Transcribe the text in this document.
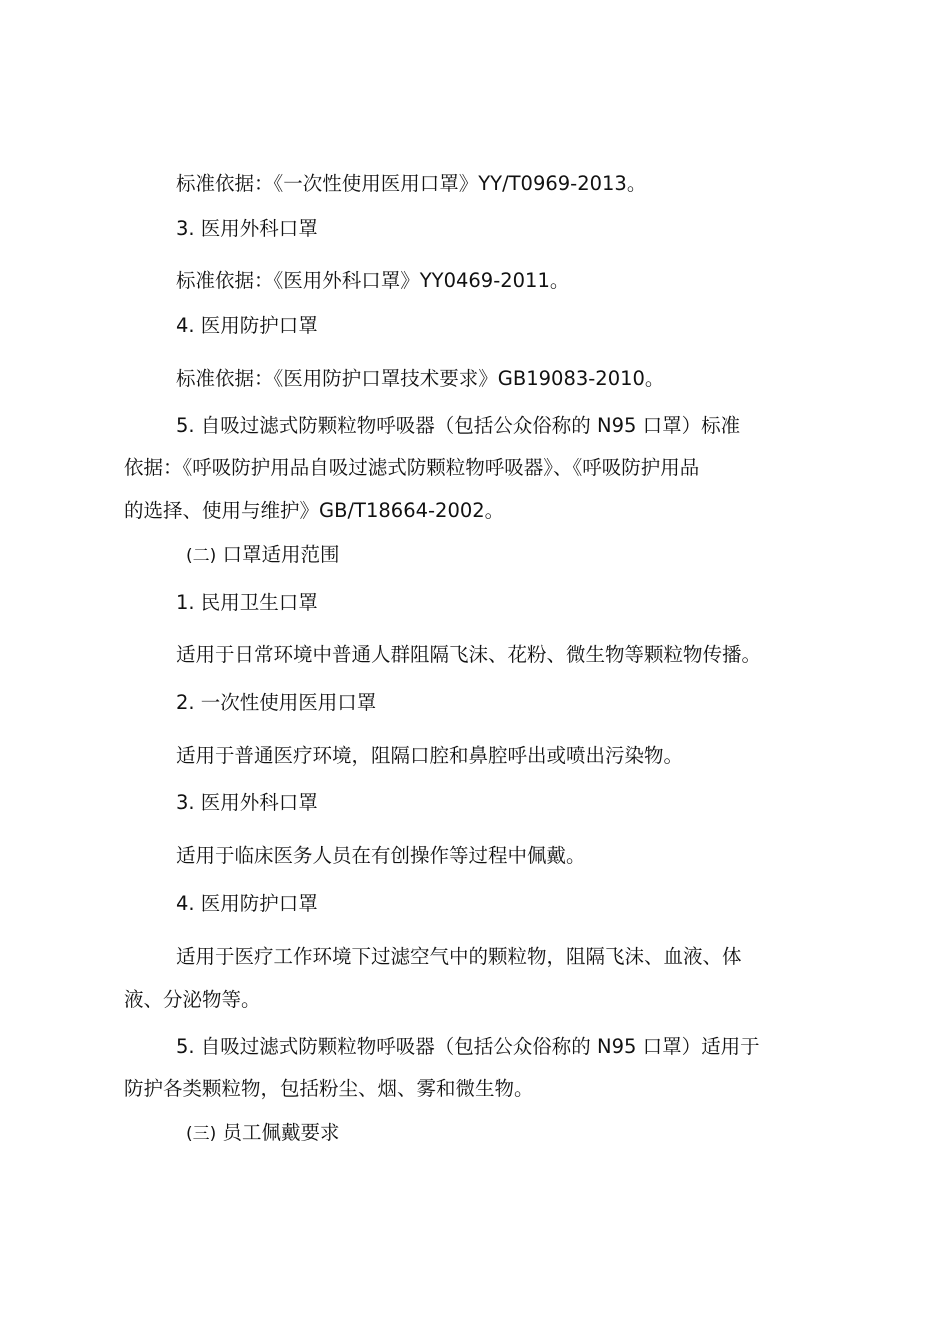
标准依据：《一次性使用医用口罩》YY/T0969-2013。

3. 医用外科口罩

标准依据：《医用外科口罩》YY0469-2011。

4. 医用防护口罩

标准依据：《医用防护口罩技术要求》GB19083-2010。

5. 自吸过滤式防颗粒物呼吸器（包括公众俗称的 N95 口罩）标准

依据：《呼吸防护用品自吸过滤式防颗粒物呼吸器》、《呼吸防护用品

的选择、使用与维护》GB/T18664-2002。

(二) 口罩适用范围

1. 民用卫生口罩

适用于日常环境中普通人群阻隔飞沫、花粉、微生物等颗粒物传播。

2. 一次性使用医用口罩

适用于普通医疗环境，阻隔口腔和鼻腔呼出或喷出污染物。

3. 医用外科口罩

适用于临床医务人员在有创操作等过程中佩戴。

4. 医用防护口罩

适用于医疗工作环境下过滤空气中的颗粒物，阻隔飞沫、血液、体

液、分泌物等。

5. 自吸过滤式防颗粒物呼吸器（包括公众俗称的 N95 口罩）适用于

防护各类颗粒物，包括粉尘、烟、雾和微生物。

(三) 员工佩戴要求
